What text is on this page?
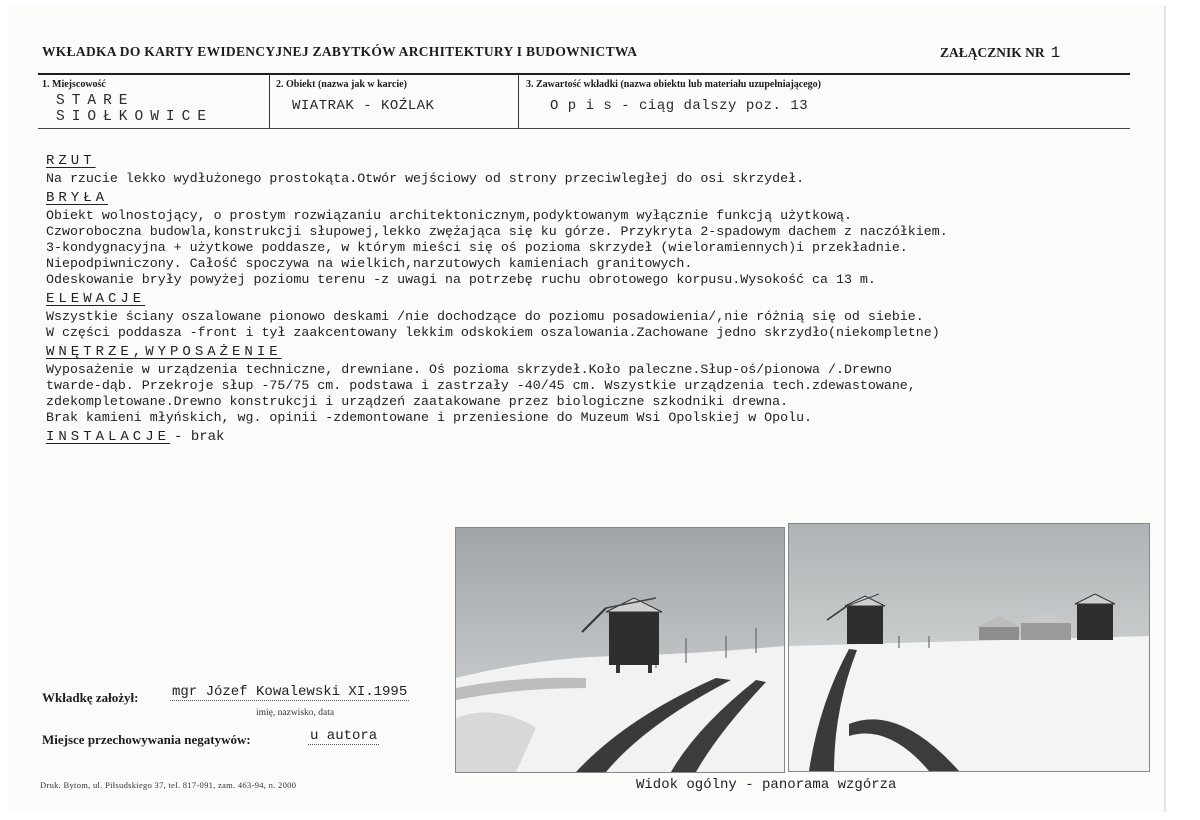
WKŁADKA DO KARTY EWIDENCYJNEJ ZABYTKÓW ARCHITEKTURY I BUDOWNICTWA	ZAŁĄCZNIK NR 1
1. Miejscowość
STARE
SIOŁKOWICE
2. Obiekt (nazwa jak w karcie)
WIATRAK - KOŹLAK
3. Zawartość wkładki (nazwa obiektu lub materiału uzupełniającego)
O p i s - ciąg dalszy poz. 13
RZUT
Na rzucie lekko wydłużonego prostokąta.Otwór wejściowy od strony przeciwległej do osi skrzydeł.
BRYŁA
Obiekt wolnostojący, o prostym rozwiązaniu architektonicznym,podyktowanym wyłącznie funkcją użytkową.
Czworoboczna budowla,konstrukcji słupowej,lekko zwężająca się ku górze. Przykryta 2-spadowym dachem z naczółkiem.
3-kondygnacyjna + użytkowe poddasze, w którym mieści się oś pozioma skrzydeł (wieloramiennych)i przekładnie.
Niepodpiwniczony. Całość spoczywa na wielkich,narzutowych kamieniach granitowych.
Odeskowanie bryły powyżej poziomu terenu -z uwagi na potrzebę ruchu obrotowego korpusu.Wysokość ca 13 m.
ELEWACJE
Wszystkie ściany oszalowane pionowo deskami /nie dochodzące do poziomu posadowienia/,nie różnią się od siebie.
W części poddasza -front i tył zaakcentowany lekkim odskokiem oszalowania.Zachowane jedno skrzydło(niekompletne)
WNĘTRZE,WYPOSAŻENIE
Wyposażenie w urządzenia techniczne, drewniane. Oś pozioma skrzydeł.Koło paleczne.Słup-oś/pionowa /.Drewno
twarde-dąb. Przekroje słup -75/75 cm. podstawa i zastrzały -40/45 cm. Wszystkie urządzenia tech.zdewastowane,
zdekompletowane.Drewno konstrukcji i urządzeń zaatakowane przez biologiczne szkodniki drewna.
Brak kamieni młyńskich, wg. opinii -zdemontowane i przeniesione do Muzeum Wsi Opolskiej w Opolu.
INSTALACJE - brak
Widok ogólny - panorama wzgórza
Wkładkę założył: mgr Józef Kowalewski XI.1995
imię, nazwisko, data
Miejsce przechowywania negatywów:	u autora
Druk. Bytom, ul. Piłsudskiego 37, tel. 817-091, zam. 463-94, n. 2000
